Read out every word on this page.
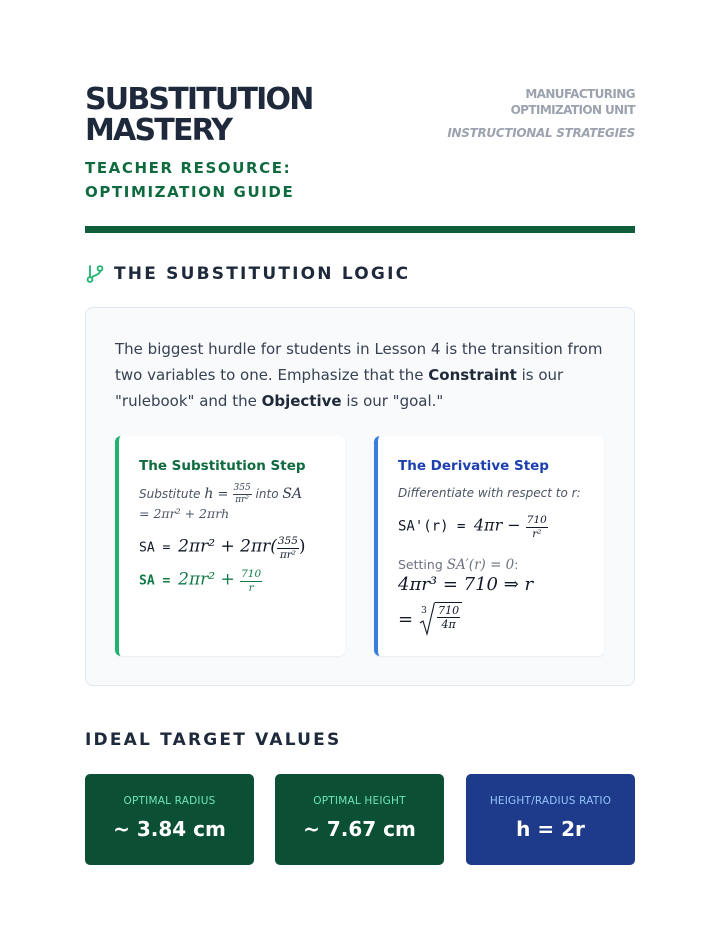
SUBSTITUTION
MASTERY
TEACHER RESOURCE: OPTIMIZATION GUIDE
MANUFACTURING OPTIMIZATION UNIT
INSTRUCTIONAL STRATEGIES
THE SUBSTITUTION LOGIC

The biggest hurdle for students in Lesson 4 is the transition from two variables to one. Emphasize that the Constraint is our "rulebook" and the Objective is our "goal."

The Substitution Step
Substitute $h = \frac{355}{\text{πr²}}$ into SA
= 2πr² + 2πrh
SA = $2\pi r^2 + 2\pi r( \frac{355}{\text{πr²}}$ )
SA = $2\pi r^2 + \frac{710}{r}$
The Derivative Step
Differentiate with respect to r:
$SA'(r) = 4\pi r - \frac{710}{\text{r²}}$
Setting SA′(r) = 0:
4πr³ = 710 ⇒ r
= $3 \frac{710}{4\pi}$
IDEAL TARGET VALUES
OPTIMAL RADIUS
~ 3.84 cm
OPTIMAL HEIGHT
~ 7.67 cm
HEIGHT/RADIUS RATIO
h = 2r
